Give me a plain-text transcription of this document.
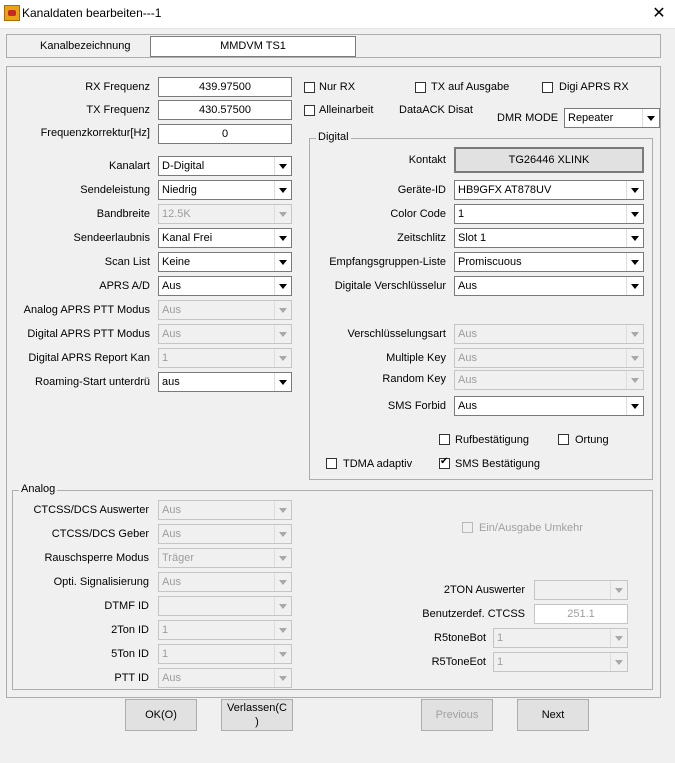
Kanaldaten bearbeiten---1	✕
Kanalbezeichnung	MMDVM TS1
RX Frequenz	439.97500
TX Frequenz	430.57500
Frequenzkorrektur[Hz]	0
Nur RX	TX auf Ausgabe	Digi APRS RX
Alleinarbeit DataACK Disat
DMR MODE Repeater
Kanalart D-Digital
Sendeleistung Niedrig
Bandbreite 12.5K
Sendeerlaubnis Kanal Frei
Scan List Keine
APRS A/D Aus
Analog APRS PTT Modus Aus
Digital APRS PTT Modus Aus
Digital APRS Report Kan 1
Roaming-Start unterdrü aus
Digital
Kontakt	TG26446 XLINK
Geräte-ID HB9GFX AT878UV
Color Code 1
Zeitschlitz Slot 1
Empfangsgruppen-Liste Promiscuous
Digitale Verschlüsselur Aus
Verschlüsselungsart Aus
Multiple Key Aus
Random Key Aus
SMS Forbid Aus
Rufbestätigung	Ortung
TDMA adaptiv
✔	SMS Bestätigung
Analog
CTCSS/DCS Auswerter Aus
CTCSS/DCS Geber Aus
Rauschsperre Modus Träger
Opti. Signalisierung Aus
DTMF ID
2Ton ID 1
5Ton ID 1
PTT ID Aus
Ein/Ausgabe Umkehr
2TON Auswerter
Benutzerdef. CTCSS	251.1
R5toneBot 1
R5ToneEot 1
OK(O)
Verlassen(C )
Previous	Next
